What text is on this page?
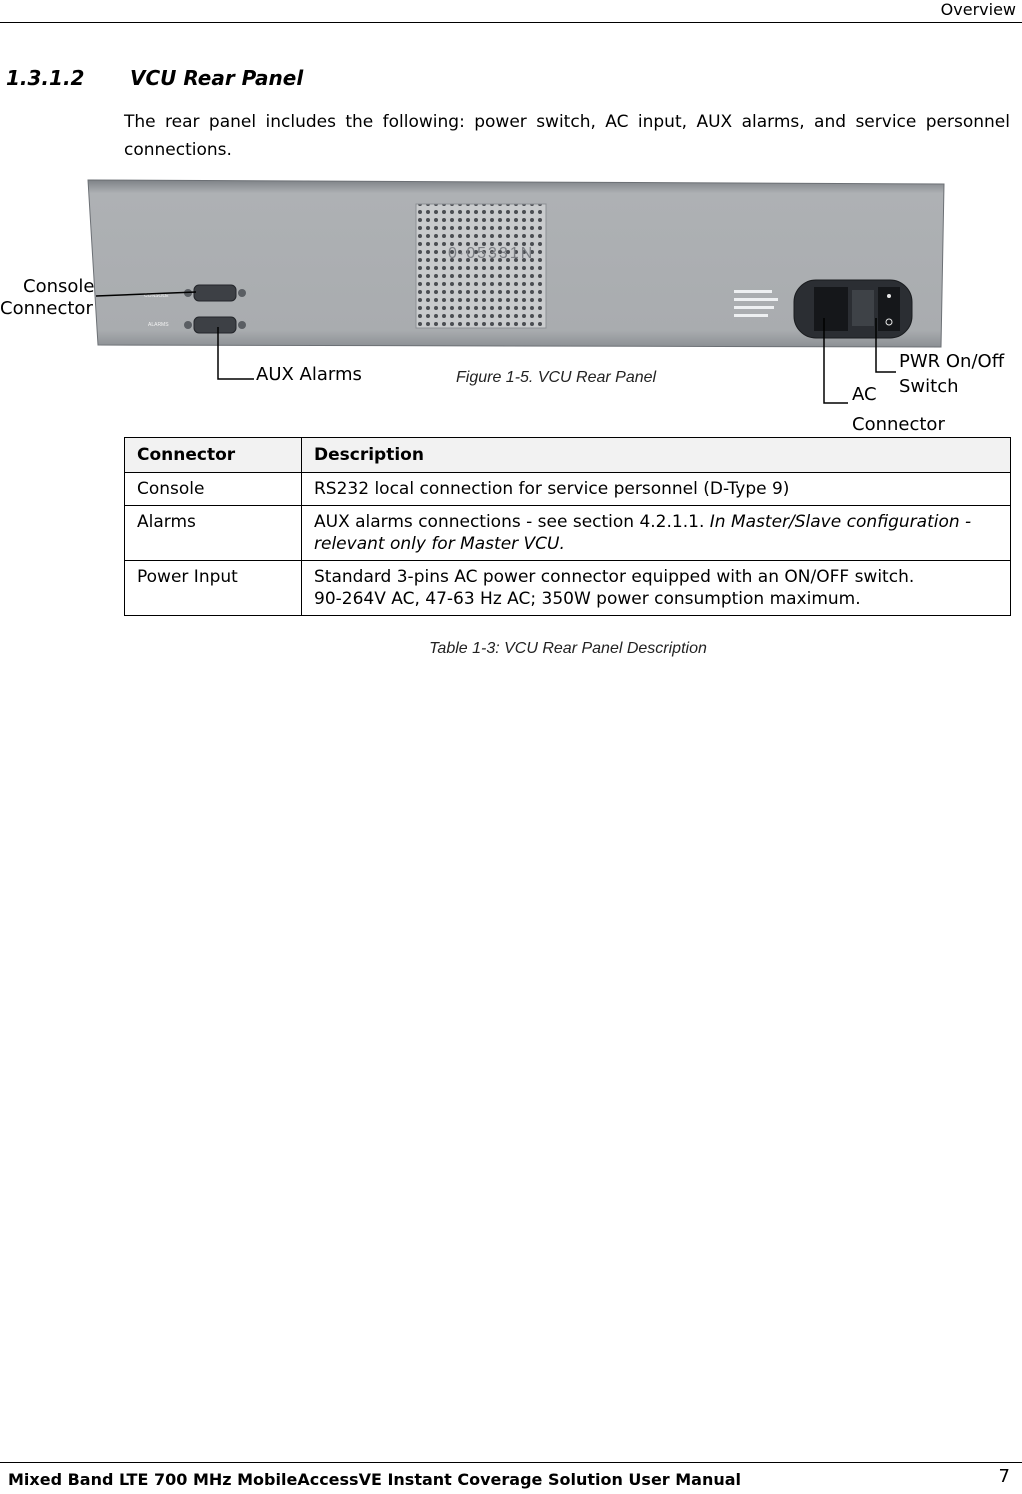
Overview
1.3.1.2 VCU Rear Panel
The rear panel includes the following: power switch, AC input, AUX alarms, and service personnel connections.
0·05331N
CONSOLE
ALARMS
Console
Connector
AUX Alarms
AC
Connector
PWR On/Off
Switch
Figure 1-5. VCU Rear Panel
Connector	Description
Console	RS232 local connection for service personnel (D-Type 9)
Alarms	AUX alarms connections - see section 4.2.1.1. In Master/Slave configuration - relevant only for Master VCU.
Power Input	Standard 3-pins AC power connector equipped with an ON/OFF switch.
90-264V AC, 47-63 Hz AC; 350W power consumption maximum.
Table 1-3: VCU Rear Panel Description
Mixed Band LTE 700 MHz MobileAccessVE Instant Coverage Solution User Manual	7
